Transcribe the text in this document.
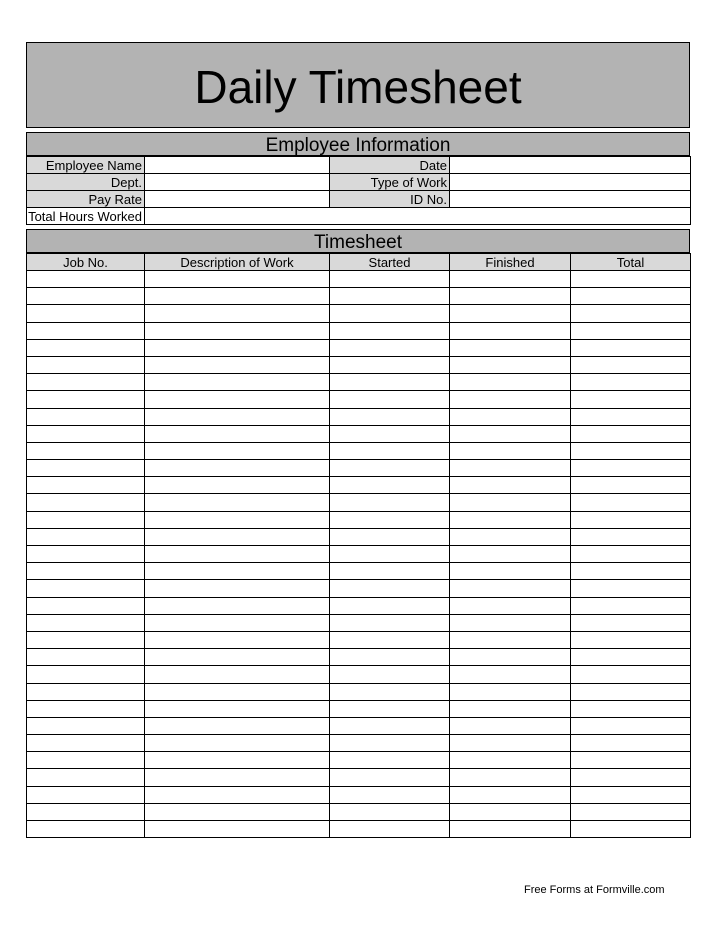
Daily Timesheet
Employee Information
Employee Name		Date	
Dept.		Type of Work	
Pay Rate		ID No.	
Total Hours Worked			
Timesheet
Job No.	Description of Work	Started	Finished	Total

Free Forms at Formville.com
